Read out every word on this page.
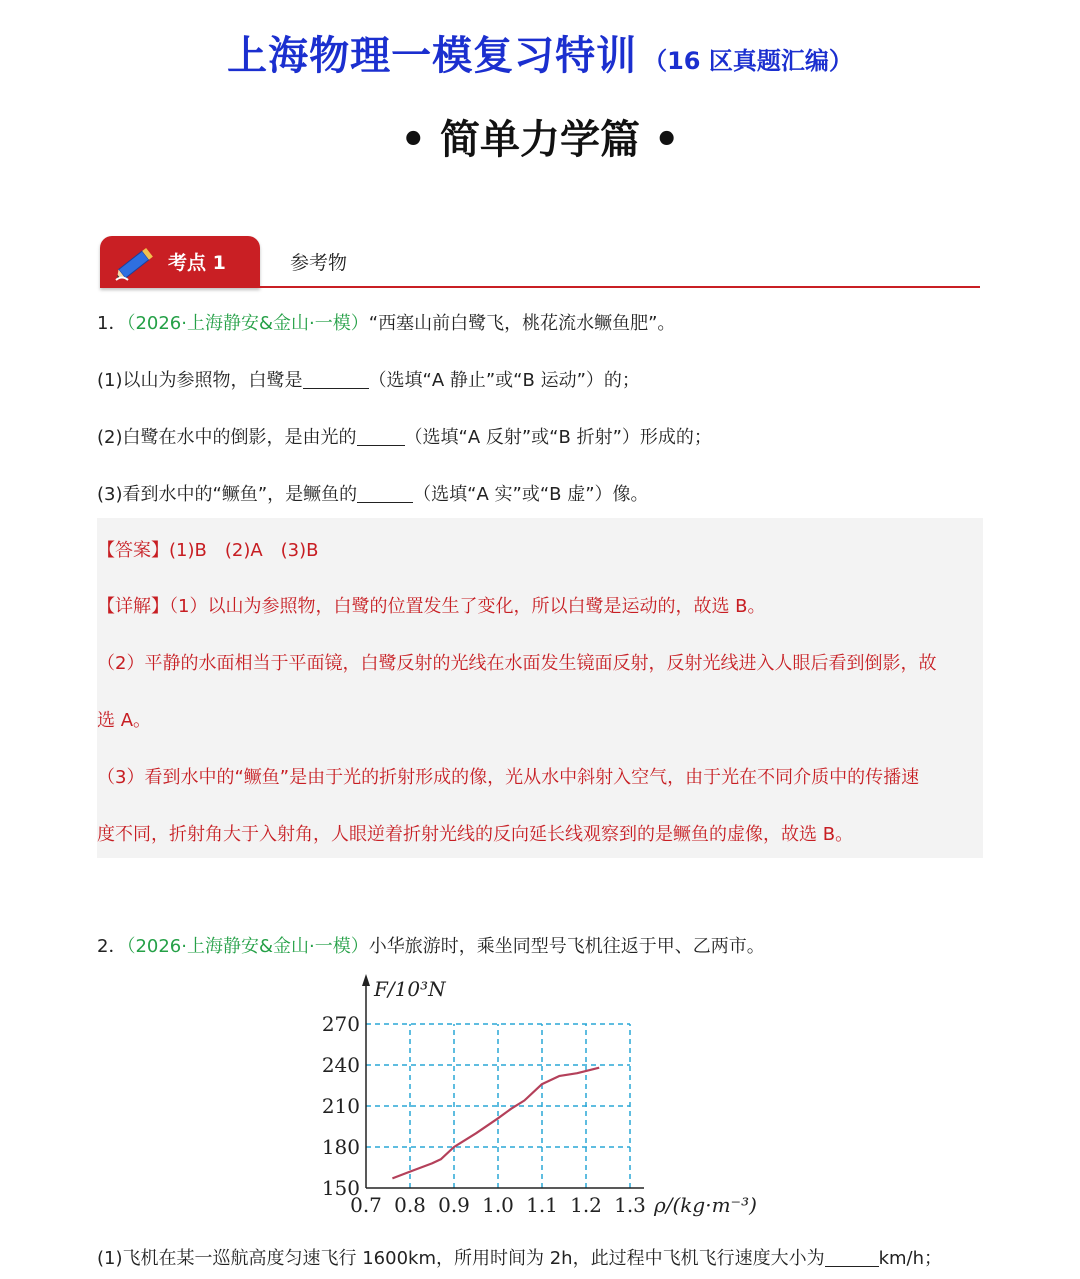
上海物理一模复习特训 （16 区真题汇编）
• 简单力学篇 •
考点 1	参考物
1．（2026·上海静安&金山·一模）“西塞山前白鹭飞，桃花流水鳜鱼肥”。
(1)以山为参照物，白鹭是	（选填“A 静止”或“B 运动”）的；
(2)白鹭在水中的倒影，是由光的	（选填“A 反射”或“B 折射”）形成的；
(3)看到水中的“鳜鱼”，是鳜鱼的	（选填“A 实”或“B 虚”）像。
【答案】(1)B　(2)A　(3)B
【详解】（1）以山为参照物，白鹭的位置发生了变化，所以白鹭是运动的，故选 B。
（2）平静的水面相当于平面镜，白鹭反射的光线在水面发生镜面反射，反射光线进入人眼后看到倒影，故
选 A。
（3）看到水中的“鳜鱼”是由于光的折射形成的像，光从水中斜射入空气，由于光在不同介质中的传播速
度不同，折射角大于入射角，人眼逆着折射光线的反向延长线观察到的是鳜鱼的虚像，故选 B。
2．（2026·上海静安&金山·一模）小华旅游时，乘坐同型号飞机往返于甲、乙两市。
0.7 0.8 0.9 1.0 1.1 1.2 1.3
150
180
210
240
270
F/10³N
ρ/(kg·m⁻³)
(1)飞机在某一巡航高度匀速飞行 1600km，所用时间为 2h，此过程中飞机飞行速度大小为	km/h；
